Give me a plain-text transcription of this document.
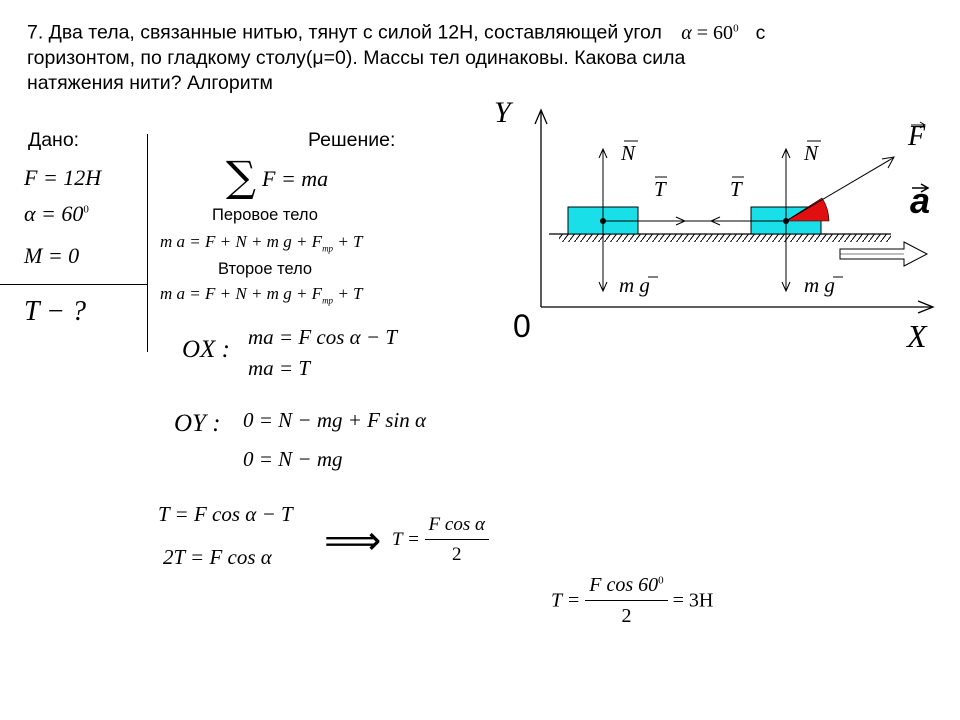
7. Два тела, связанные нитью, тянут с силой 12Н, составляющей угол $\alpha = 60^0$ с
горизонтом, по гладкому столу(μ=0). Массы тел одинаковы. Какова сила
натяжения нити? Алгоритм
Дано:
F = 12H
$\alpha = 60^0$
M = 0
T − ?
Решение:
∑ F = ma
Перовое тело
m a = F + N + m $g + F_{тр} + T$
Второе тело
m a = F + N + m $g + F_{тр} + T$
OX : ma = F cos α − T
ma = T
OY : 0 = N − mg + F sin α
0 = N − mg
T = F cos α − T
2T = F cos α ⟹ $T = \frac{\text{F cos α}}{2}$
$T = \frac{F \cos 60^0}{2} = 3H$
Y
X
0
N	N
T	T
F
a
m g	m g
